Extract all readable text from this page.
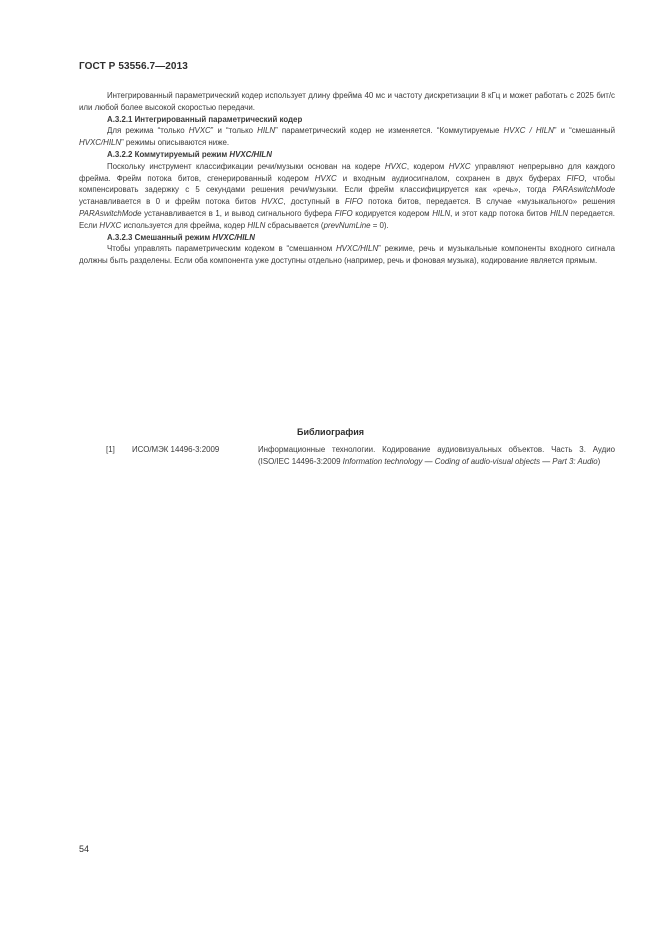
ГОСТ Р 53556.7—2013

Интегрированный параметрический кодер использует длину фрейма 40 мс и частоту дискретизации 8 кГц и может работать с 2025 бит/с или любой более высокой скоростью передачи.

А.3.2.1 Интегрированный параметрический кодер

Для режима “только HVXC” и “только HILN” параметрический кодер не изменяется. “Коммутируемые HVXC / HILN” и “смешанный HVXC/HILN” режимы описываются ниже.

А.3.2.2 Коммутируемый режим HVXC/HILN

Поскольку инструмент классификации речи/музыки основан на кодере HVXC, кодером HVXC управляют непрерывно для каждого фрейма. Фрейм потока битов, сгенерированный кодером HVXC и входным аудиосигналом, сохранен в двух буферах FIFO, чтобы компенсировать задержку с 5 секундами решения речи/музыки. Если фрейм классифицируется как «речь», тогда PARAswitchMode устанавливается в 0 и фрейм потока битов HVXC, доступный в FIFO потока битов, передается. В случае «музыкального» решения PARAswitchMode устанавливается в 1, и вывод сигнального буфера FIFO кодируется кодером HILN, и этот кадр потока битов HILN передается. Если HVXC используется для фрейма, кодер HILN сбрасывается (prevNumLine = 0).

А.3.2.3 Смешанный режим HVXC/HILN

Чтобы управлять параметрическим кодеком в “смешанном HVXC/HILN” режиме, речь и музыкальные компоненты входного сигнала должны быть разделены. Если оба компонента уже доступны отдельно (например, речь и фоновая музыка), кодирование является прямым.

Библиография
[1] ИСО/МЭК 14496-3:2009	Информационные технологии. Кодирование аудиовизуальных объектов. Часть 3. Аудио (ISO/IEC 14496-3:2009 Information technology — Coding of audio-visual objects — Part 3: Audio)
54
